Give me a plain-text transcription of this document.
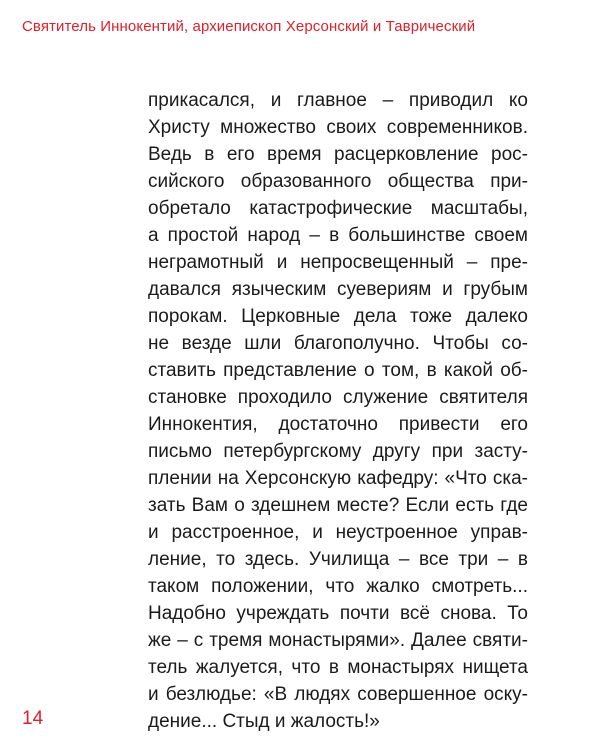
Святитель Иннокентий, архиепископ Херсонский и Таврический
прикасался, и главное – приводил ко
Христу множество своих современников.
Ведь в его время расцерковление рос-
сийского образованного общества при-
обретало катастрофические масштабы,
а простой народ – в большинстве своем
неграмотный и непросвещенный – пре-
давался языческим суевериям и грубым
порокам. Церковные дела тоже далеко
не везде шли благополучно. Чтобы со-
ставить представление о том, в какой об-
становке проходило служение святителя
Иннокентия, достаточно привести его
письмо петербургскому другу при засту-
плении на Херсонскую кафедру: «Что ска-
зать Вам о здешнем месте? Если есть где
и расстроенное, и неустроенное управ-
ление, то здесь. Училища – все три – в
таком положении, что жалко смотреть...
Надобно учреждать почти всё снова. То
же – с тремя монастырями». Далее святи-
тель жалуется, что в монастырях нищета
и безлюдье: «В людях совершенное оску-
дение... Стыд и жалость!»
14
